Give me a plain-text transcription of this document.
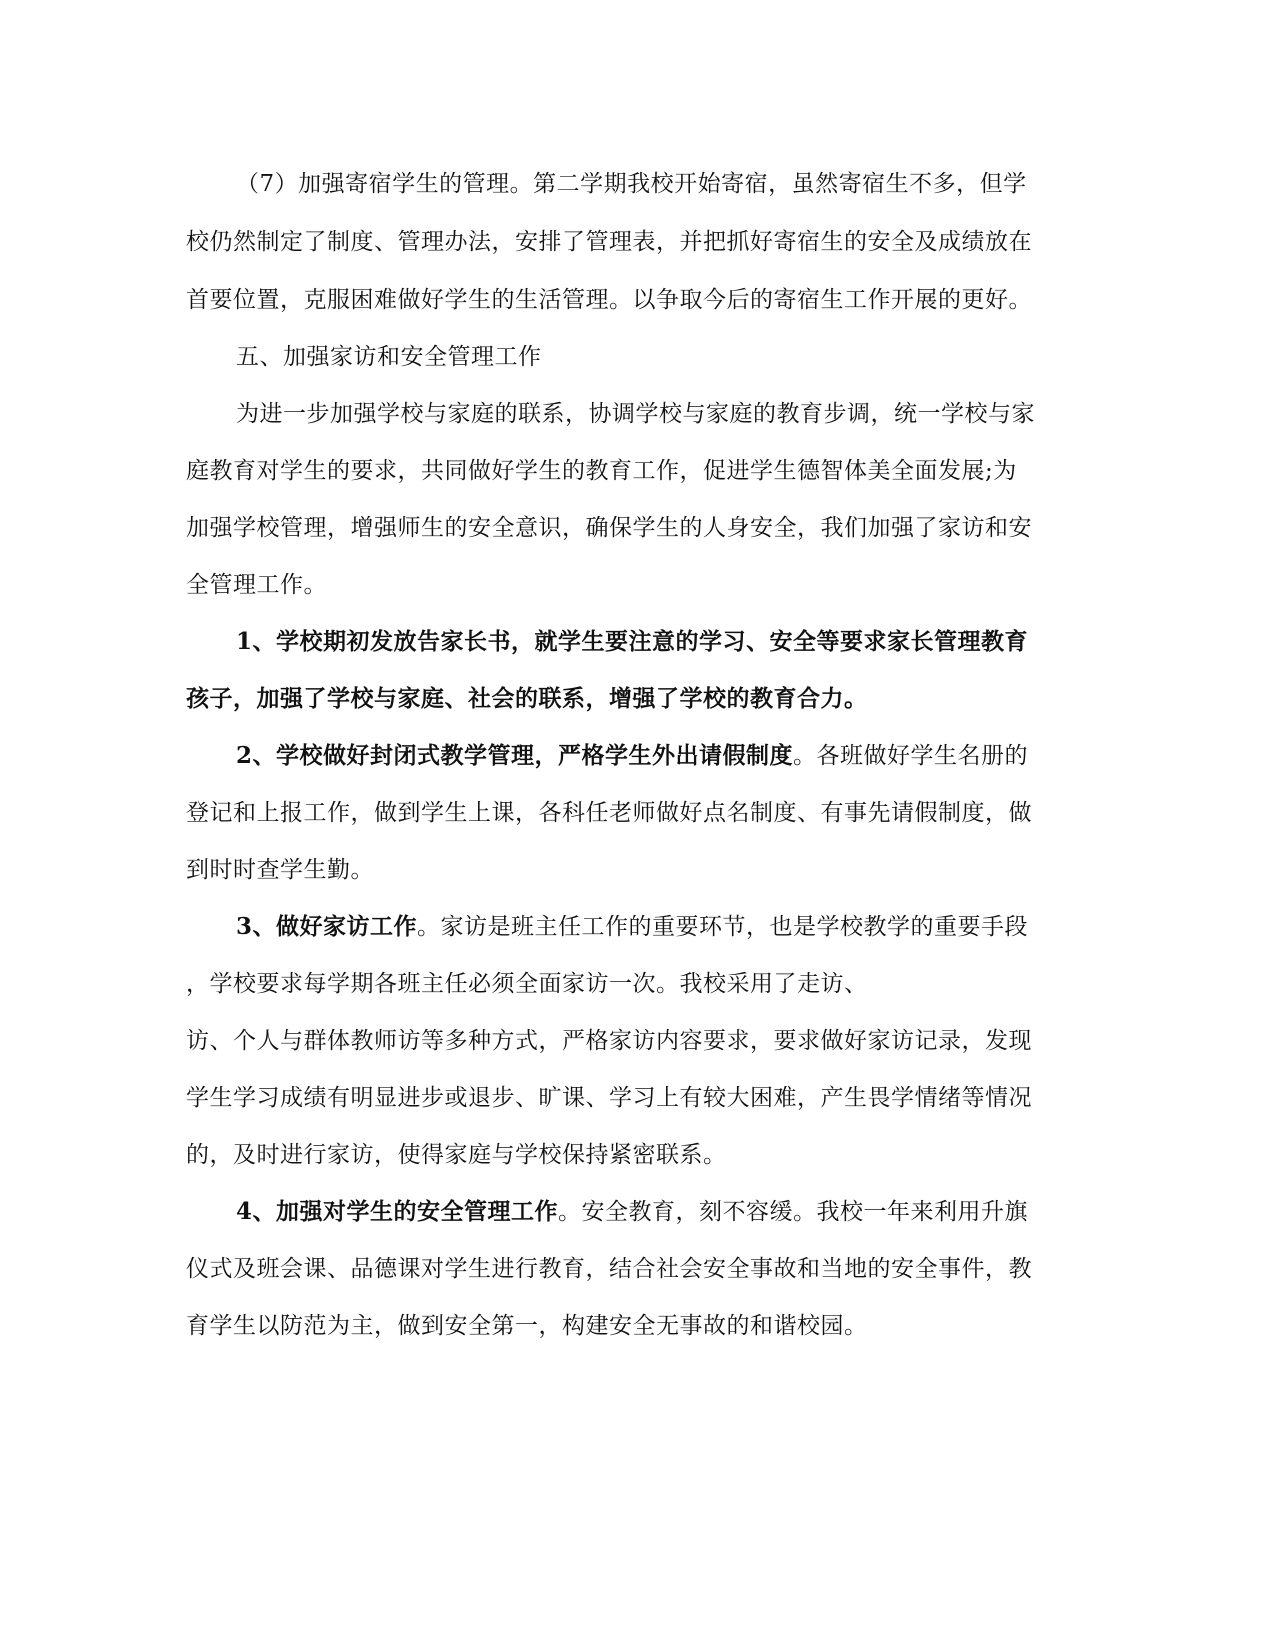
（7）加强寄宿学生的管理。第二学期我校开始寄宿，虽然寄宿生不多，但学
校仍然制定了制度、管理办法，安排了管理表，并把抓好寄宿生的安全及成绩放在
首要位置，克服困难做好学生的生活管理。以争取今后的寄宿生工作开展的更好。
五、加强家访和安全管理工作
为进一步加强学校与家庭的联系，协调学校与家庭的教育步调，统一学校与家
庭教育对学生的要求，共同做好学生的教育工作，促进学生德智体美全面发展;为
加强学校管理，增强师生的安全意识，确保学生的人身安全，我们加强了家访和安
全管理工作。
1、学校期初发放告家长书，就学生要注意的学习、安全等要求家长管理教育
孩子，加强了学校与家庭、社会的联系，增强了学校的教育合力。
2、学校做好封闭式教学管理，严格学生外出请假制度。各班做好学生名册的
登记和上报工作，做到学生上课，各科任老师做好点名制度、有事先请假制度，做
到时时查学生勤。
3、做好家访工作。家访是班主任工作的重要环节，也是学校教学的重要手段
，学校要求每学期各班主任必须全面家访一次。我校采用了走访、
访、个人与群体教师访等多种方式，严格家访内容要求，要求做好家访记录，发现
学生学习成绩有明显进步或退步、旷课、学习上有较大困难，产生畏学情绪等情况
的，及时进行家访，使得家庭与学校保持紧密联系。
4、加强对学生的安全管理工作。安全教育，刻不容缓。我校一年来利用升旗
仪式及班会课、品德课对学生进行教育，结合社会安全事故和当地的安全事件，教
育学生以防范为主，做到安全第一，构建安全无事故的和谐校园。
